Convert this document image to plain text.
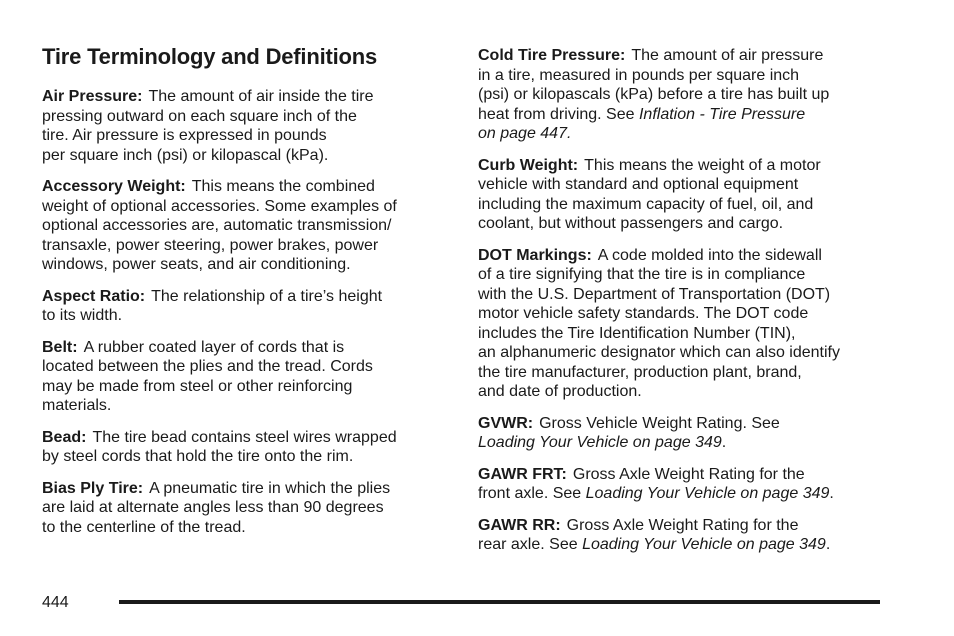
Tire Terminology and Definitions
Air Pressure: The amount of air inside the tire
pressing outward on each square inch of the
tire. Air pressure is expressed in pounds
per square inch (psi) or kilopascal (kPa).
Accessory Weight: This means the combined
weight of optional accessories. Some examples of
optional accessories are, automatic transmission/
transaxle, power steering, power brakes, power
windows, power seats, and air conditioning.
Aspect Ratio: The relationship of a tire’s height
to its width.
Belt: A rubber coated layer of cords that is
located between the plies and the tread. Cords
may be made from steel or other reinforcing
materials.
Bead: The tire bead contains steel wires wrapped
by steel cords that hold the tire onto the rim.
Bias Ply Tire: A pneumatic tire in which the plies
are laid at alternate angles less than 90 degrees
to the centerline of the tread.
Cold Tire Pressure: The amount of air pressure
in a tire, measured in pounds per square inch
(psi) or kilopascals (kPa) before a tire has built up
heat from driving. See Inflation - Tire Pressure
on page 447.
Curb Weight: This means the weight of a motor
vehicle with standard and optional equipment
including the maximum capacity of fuel, oil, and
coolant, but without passengers and cargo.
DOT Markings: A code molded into the sidewall
of a tire signifying that the tire is in compliance
with the U.S. Department of Transportation (DOT)
motor vehicle safety standards. The DOT code
includes the Tire Identification Number (TIN),
an alphanumeric designator which can also identify
the tire manufacturer, production plant, brand,
and date of production.
GVWR: Gross Vehicle Weight Rating. See
Loading Your Vehicle on page 349.
GAWR FRT: Gross Axle Weight Rating for the
front axle. See Loading Your Vehicle on page 349.
GAWR RR: Gross Axle Weight Rating for the
rear axle. See Loading Your Vehicle on page 349.
444
